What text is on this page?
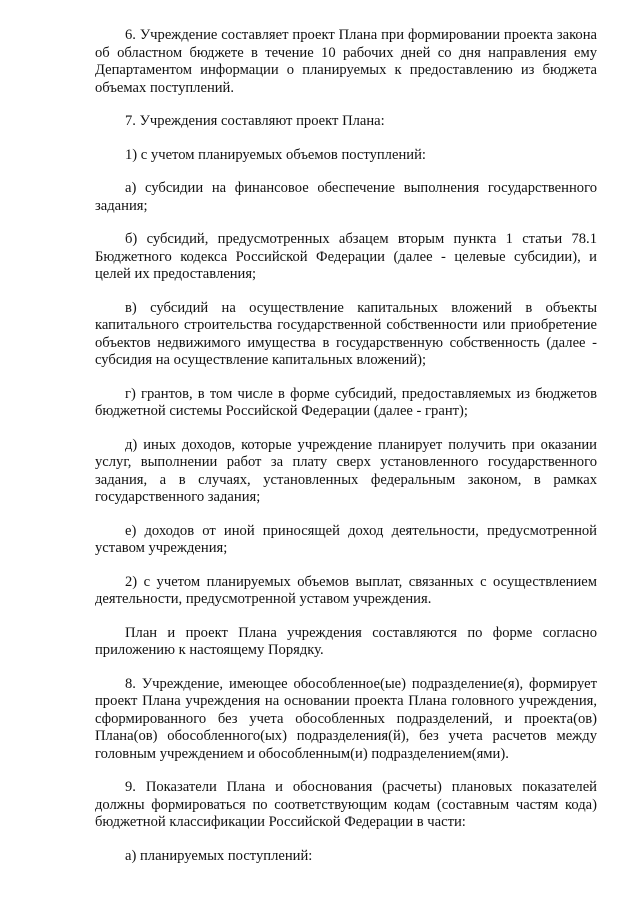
6. Учреждение составляет проект Плана при формировании проекта закона об областном бюджете в течение 10 рабочих дней со дня направления ему Департаментом информации о планируемых к предоставлению из бюджета объемах поступлений.

7. Учреждения составляют проект Плана:

1) с учетом планируемых объемов поступлений:

а) субсидии на финансовое обеспечение выполнения государственного задания;

б) субсидий, предусмотренных абзацем вторым пункта 1 статьи 78.1 Бюджетного кодекса Российской Федерации (далее - целевые субсидии), и целей их предоставления;

в) субсидий на осуществление капитальных вложений в объекты капитального строительства государственной собственности или приобретение объектов недвижимого имущества в государственную собственность (далее - субсидия на осуществление капитальных вложений);

г) грантов, в том числе в форме субсидий, предоставляемых из бюджетов бюджетной системы Российской Федерации (далее - грант);

д) иных доходов, которые учреждение планирует получить при оказании услуг, выполнении работ за плату сверх установленного государственного задания, а в случаях, установленных федеральным законом, в рамках государственного задания;

е) доходов от иной приносящей доход деятельности, предусмотренной уставом учреждения;

2) с учетом планируемых объемов выплат, связанных с осуществлением деятельности, предусмотренной уставом учреждения.

План и проект Плана учреждения составляются по форме согласно приложению к настоящему Порядку.

8. Учреждение, имеющее обособленное(ые) подразделение(я), формирует проект Плана учреждения на основании проекта Плана головного учреждения, сформированного без учета обособленных подразделений, и проекта(ов) Плана(ов) обособленного(ых) подразделения(й), без учета расчетов между головным учреждением и обособленным(и) подразделением(ями).

9. Показатели Плана и обоснования (расчеты) плановых показателей должны формироваться по соответствующим кодам (составным частям кода) бюджетной классификации Российской Федерации в части:

а) планируемых поступлений:
